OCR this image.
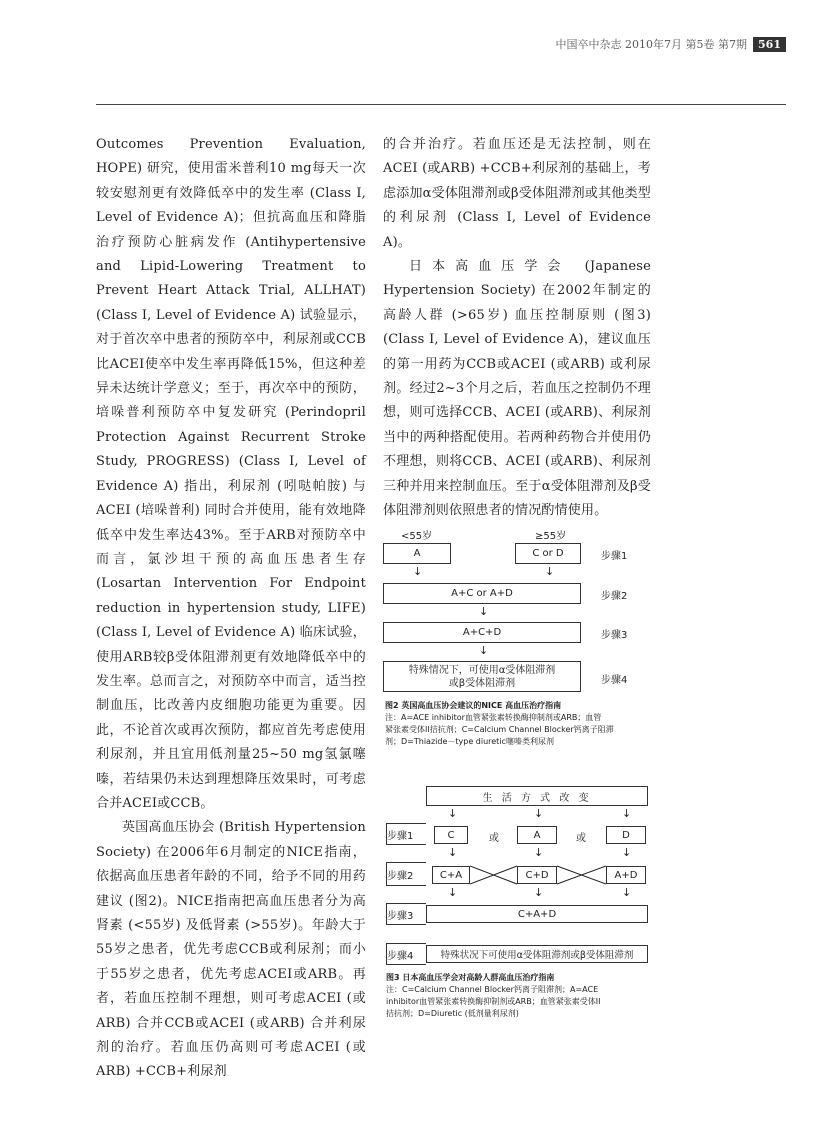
中国卒中杂志 2010年7月 第5卷 第7期	561

Outcomes Prevention Evaluation, HOPE) 研究，使用雷米普利10 mg每天一次较安慰剂更有效降低卒中的发生率 (Class I, Level of Evidence A)；但抗高血压和降脂治疗预防心脏病发作 (Antihypertensive and Lipid-Lowering Treatment to Prevent Heart Attack Trial, ALLHAT) (Class I, Level of Evidence A) 试验显示，对于首次卒中患者的预防卒中，利尿剂或CCB比ACEI使卒中发生率再降低15%，但这种差异未达统计学意义；至于，再次卒中的预防，培哚普利预防卒中复发研究 (Perindopril Protection Against Recurrent Stroke Study, PROGRESS) (Class I, Level of Evidence A) 指出，利尿剂 (吲哒帕胺) 与ACEI (培哚普利) 同时合并使用，能有效地降低卒中发生率达43%。至于ARB对预防卒中而言，氯沙坦干预的高血压患者生存 (Losartan Intervention For Endpoint reduction in hypertension study, LIFE) (Class I, Level of Evidence A) 临床试验，使用ARB较β受体阻滞剂更有效地降低卒中的发生率。总而言之，对预防卒中而言，适当控制血压，比改善内皮细胞功能更为重要。因此，不论首次或再次预防，都应首先考虑使用利尿剂，并且宜用低剂量25~50 mg氢氯噻嗪，若结果仍未达到理想降压效果时，可考虑合并ACEI或CCB。

英国高血压协会 (British Hypertension Society) 在2006年6月制定的NICE指南，依据高血压患者年龄的不同，给予不同的用药建议 (图2)。NICE指南把高血压患者分为高肾素 (<55岁) 及低肾素 (>55岁)。年龄大于55岁之患者，优先考虑CCB或利尿剂；而小于55岁之患者，优先考虑ACEI或ARB。再者，若血压控制不理想，则可考虑ACEI (或ARB) 合并CCB或ACEI (或ARB) 合并利尿剂的治疗。若血压仍高则可考虑ACEI (或ARB) +CCB+利尿剂

的合并治疗。若血压还是无法控制，则在ACEI (或ARB) +CCB+利尿剂的基础上，考虑添加α受体阻滞剂或β受体阻滞剂或其他类型的利尿剂 (Class I, Level of Evidence A)。

日本高血压学会 (Japanese Hypertension Society) 在2002年制定的高龄人群 (>65岁) 血压控制原则 (图3) (Class I, Level of Evidence A)，建议血压的第一用药为CCB或ACEI (或ARB) 或利尿剂。经过2~3个月之后，若血压之控制仍不理想，则可选择CCB、ACEI (或ARB)、利尿剂当中的两种搭配使用。若两种药物合并使用仍不理想，则将CCB、ACEI (或ARB)、利尿剂三种并用来控制血压。至于α受体阻滞剂及β受体阻滞剂则依照患者的情况酌情使用。

<55岁	≥55岁
A	C or D	步骤1
↓	↓
A+C or A+D	步骤2
↓
A+C+D	步骤3
↓
特殊情况下，可使用α受体阻滞剂
或β受体阻滞剂	步骤4
图2 英国高血压协会建议的NICE 高血压治疗指南
注：A=ACE inhibitor血管紧张素转换酶抑制剂或ARB；血管
紧张素受体II拮抗剂；C=Calcium Channel Blocker钙离子阻滞
剂；D=Thiazide－type diuretic噻嗪类利尿剂
生 活 方 式 改 变
↓	↓	↓
步骤1	C	或	A	或	D
↓	↓	↓
步骤2	C+A	C+D	A+D
↓	↓	↓
步骤3	C+A+D
步骤4	特殊状况下可使用α受体阻滞剂或β受体阻滞剂
图3 日本高血压学会对高龄人群高血压治疗指南
注：C=Calcium Channel Blocker钙离子阻滞剂；A=ACE
inhibitor血管紧张素转换酶抑制剂或ARB；血管紧张素受体II
拮抗剂；D=Diuretic (低剂量利尿剂)
